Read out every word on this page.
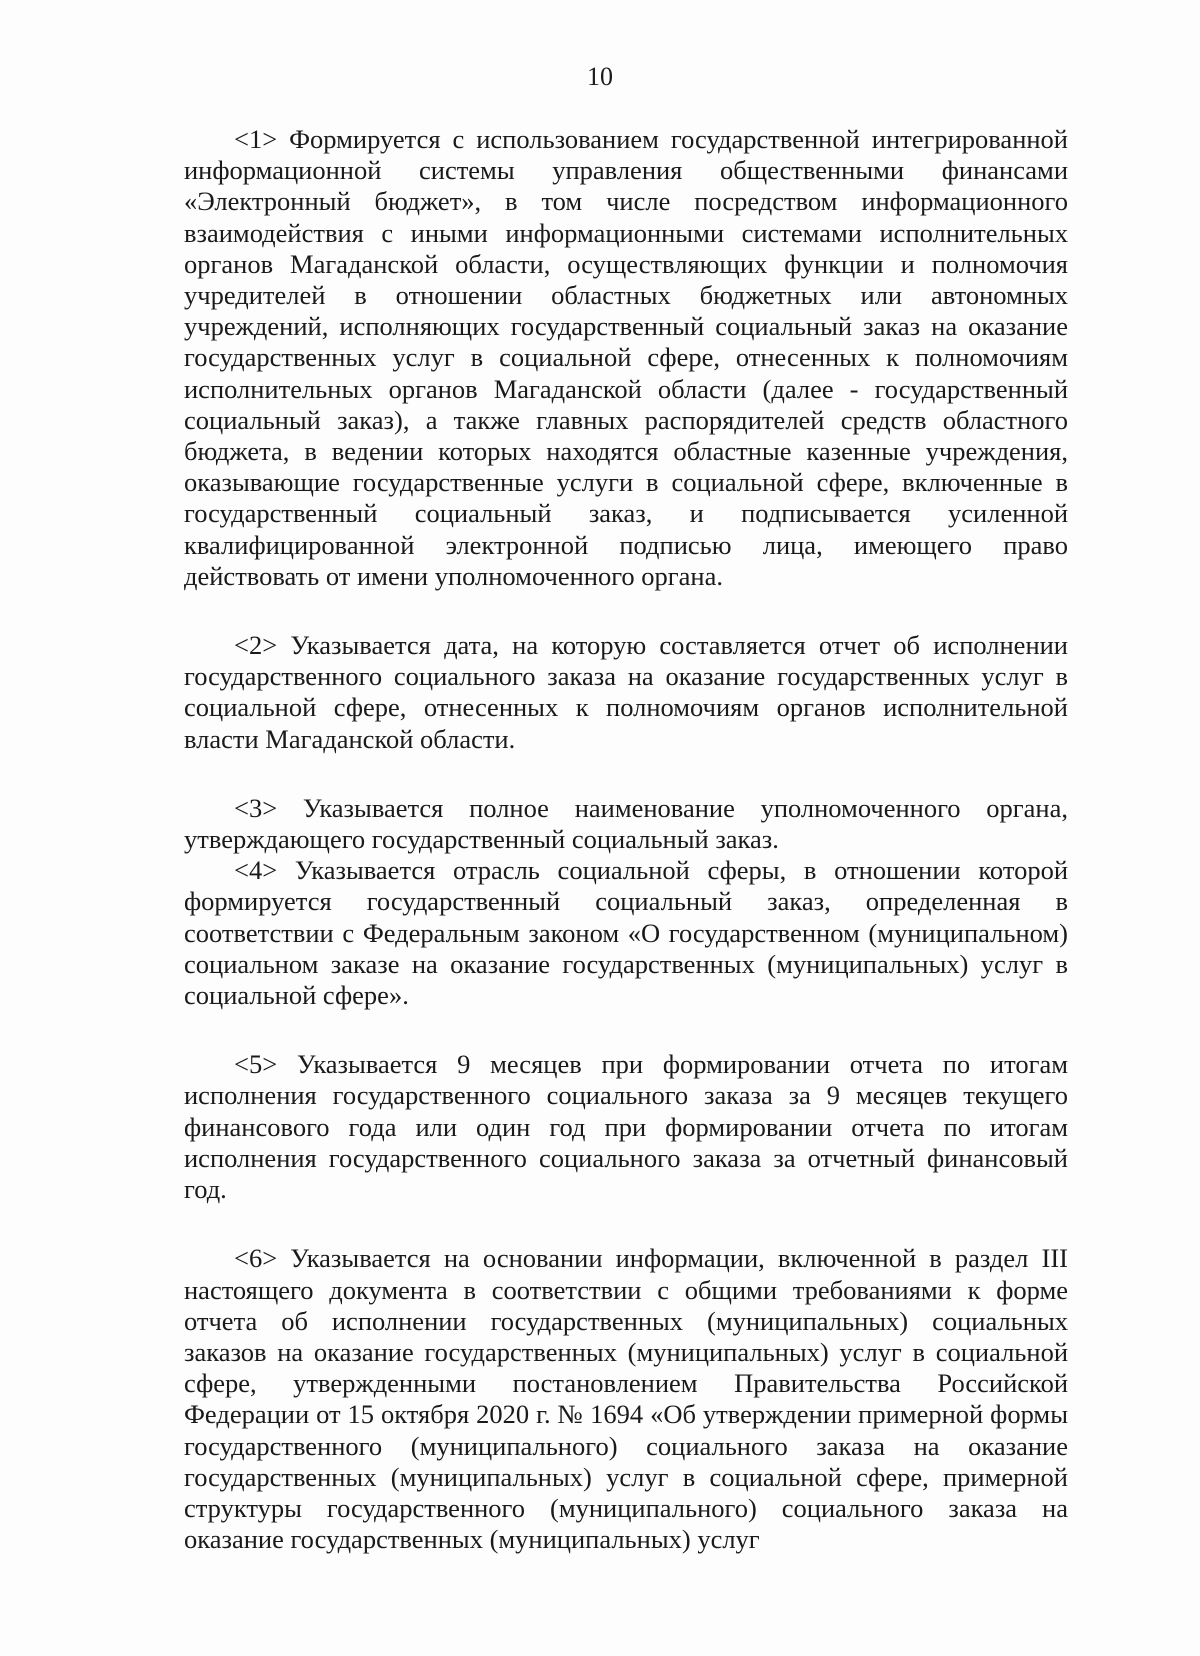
10

<1> Формируется с использованием государственной интегрированной информационной системы управления общественными финансами «Электронный бюджет», в том числе посредством информационного взаимодействия с иными информационными системами исполнительных органов Магаданской области, осуществляющих функции и полномочия учредителей в отношении областных бюджетных или автономных учреждений, исполняющих государственный социальный заказ на оказание государственных услуг в социальной сфере, отнесенных к полномочиям исполнительных органов Магаданской области (далее - государственный социальный заказ), а также главных распорядителей средств областного бюджета, в ведении которых находятся областные казенные учреждения, оказывающие государственные услуги в социальной сфере, включенные в государственный социальный заказ, и подписывается усиленной квалифицированной электронной подписью лица, имеющего право действовать от имени уполномоченного органа.

<2> Указывается дата, на которую составляется отчет об исполнении государственного социального заказа на оказание государственных услуг в социальной сфере, отнесенных к полномочиям органов исполнительной власти Магаданской области.

<3> Указывается полное наименование уполномоченного органа, утверждающего государственный социальный заказ.

<4> Указывается отрасль социальной сферы, в отношении которой формируется государственный социальный заказ, определенная в соответствии с Федеральным законом «О государственном (муниципальном) социальном заказе на оказание государственных (муниципальных) услуг в социальной сфере».

<5> Указывается 9 месяцев при формировании отчета по итогам исполнения государственного социального заказа за 9 месяцев текущего финансового года или один год при формировании отчета по итогам исполнения государственного социального заказа за отчетный финансовый год.

<6> Указывается на основании информации, включенной в раздел III настоящего документа в соответствии с общими требованиями к форме отчета об исполнении государственных (муниципальных) социальных заказов на оказание государственных (муниципальных) услуг в социальной сфере, утвержденными постановлением Правительства Российской Федерации от 15 октября 2020 г. № 1694 «Об утверждении примерной формы государственного (муниципального) социального заказа на оказание государственных (муниципальных) услуг в социальной сфере, примерной структуры государственного (муниципального) социального заказа на оказание государственных (муниципальных) услуг
